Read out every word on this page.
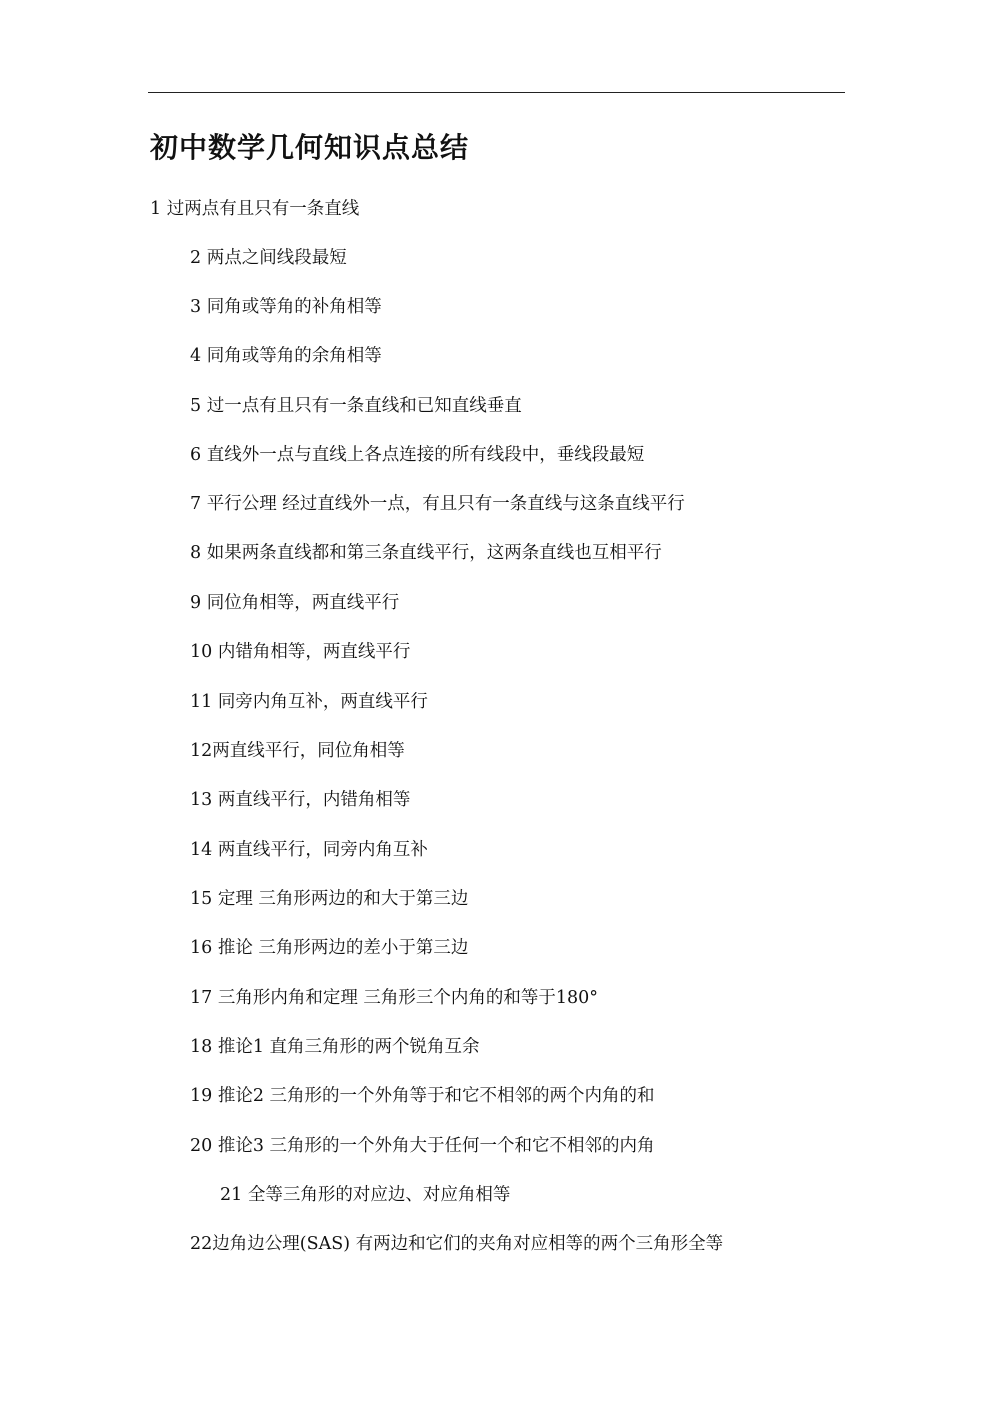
初中数学几何知识点总结
1 过两点有且只有一条直线
2 两点之间线段最短
3 同角或等角的补角相等
4 同角或等角的余角相等
5 过一点有且只有一条直线和已知直线垂直
6 直线外一点与直线上各点连接的所有线段中，垂线段最短
7 平行公理 经过直线外一点，有且只有一条直线与这条直线平行
8 如果两条直线都和第三条直线平行，这两条直线也互相平行
9 同位角相等，两直线平行
10 内错角相等，两直线平行
11 同旁内角互补，两直线平行
12两直线平行，同位角相等
13 两直线平行，内错角相等
14 两直线平行，同旁内角互补
15 定理 三角形两边的和大于第三边
16 推论 三角形两边的差小于第三边
17 三角形内角和定理 三角形三个内角的和等于180°
18 推论1 直角三角形的两个锐角互余
19 推论2 三角形的一个外角等于和它不相邻的两个内角的和
20 推论3 三角形的一个外角大于任何一个和它不相邻的内角
21 全等三角形的对应边、对应角相等
22边角边公理(SAS) 有两边和它们的夹角对应相等的两个三角形全等
